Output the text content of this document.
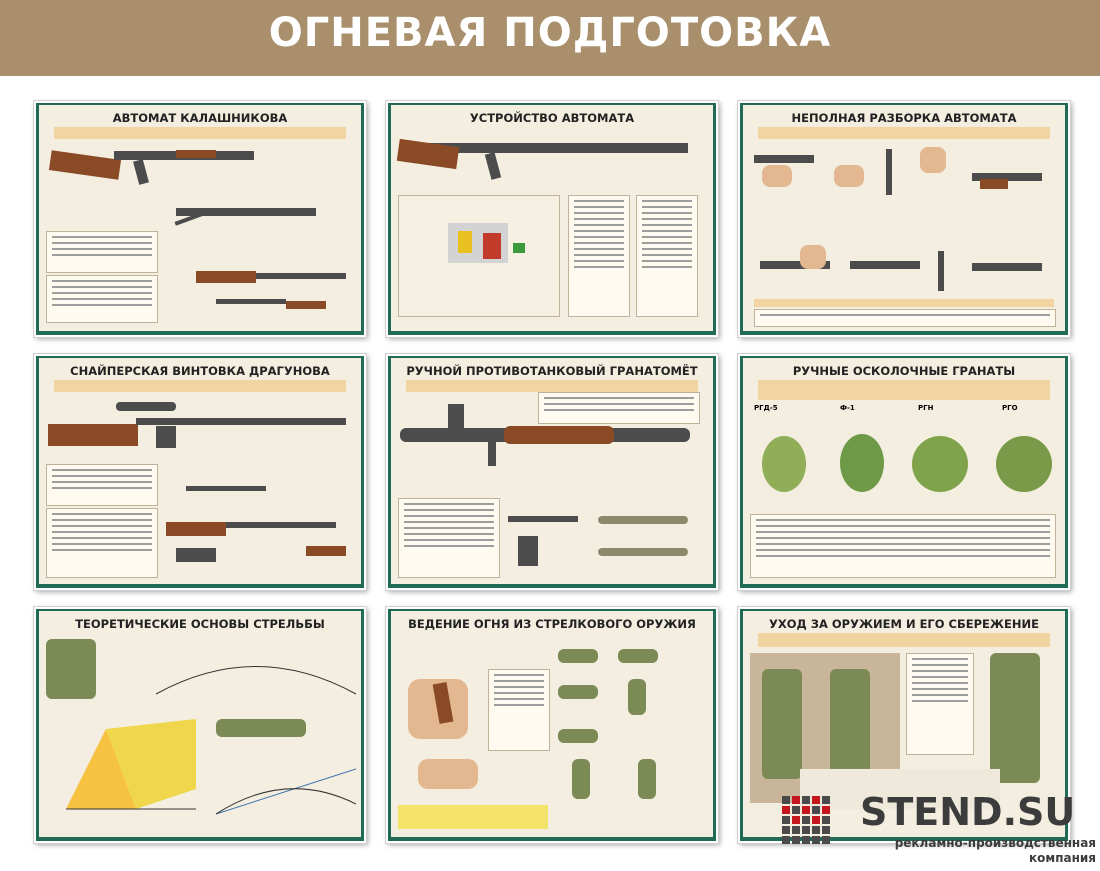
ОГНЕВАЯ ПОДГОТОВКА
АВТОМАТ КАЛАШНИКОВА	УСТРОЙСТВО АВТОМАТА	НЕПОЛНАЯ РАЗБОРКА АВТОМАТА
СНАЙПЕРСКАЯ ВИНТОВКА ДРАГУНОВА	РУЧНОЙ ПРОТИВОТАНКОВЫЙ ГРАНАТОМЁТ	РУЧНЫЕ ОСКОЛОЧНЫЕ ГРАНАТЫ
РГД-5	Ф-1	РГН	РГО
ТЕОРЕТИЧЕСКИЕ ОСНОВЫ СТРЕЛЬБЫ	ВЕДЕНИЕ ОГНЯ ИЗ СТРЕЛКОВОГО ОРУЖИЯ	УХОД ЗА ОРУЖИЕМ И ЕГО СБЕРЕЖЕНИЕ
STEND.SU
рекламно-производственная
компания
